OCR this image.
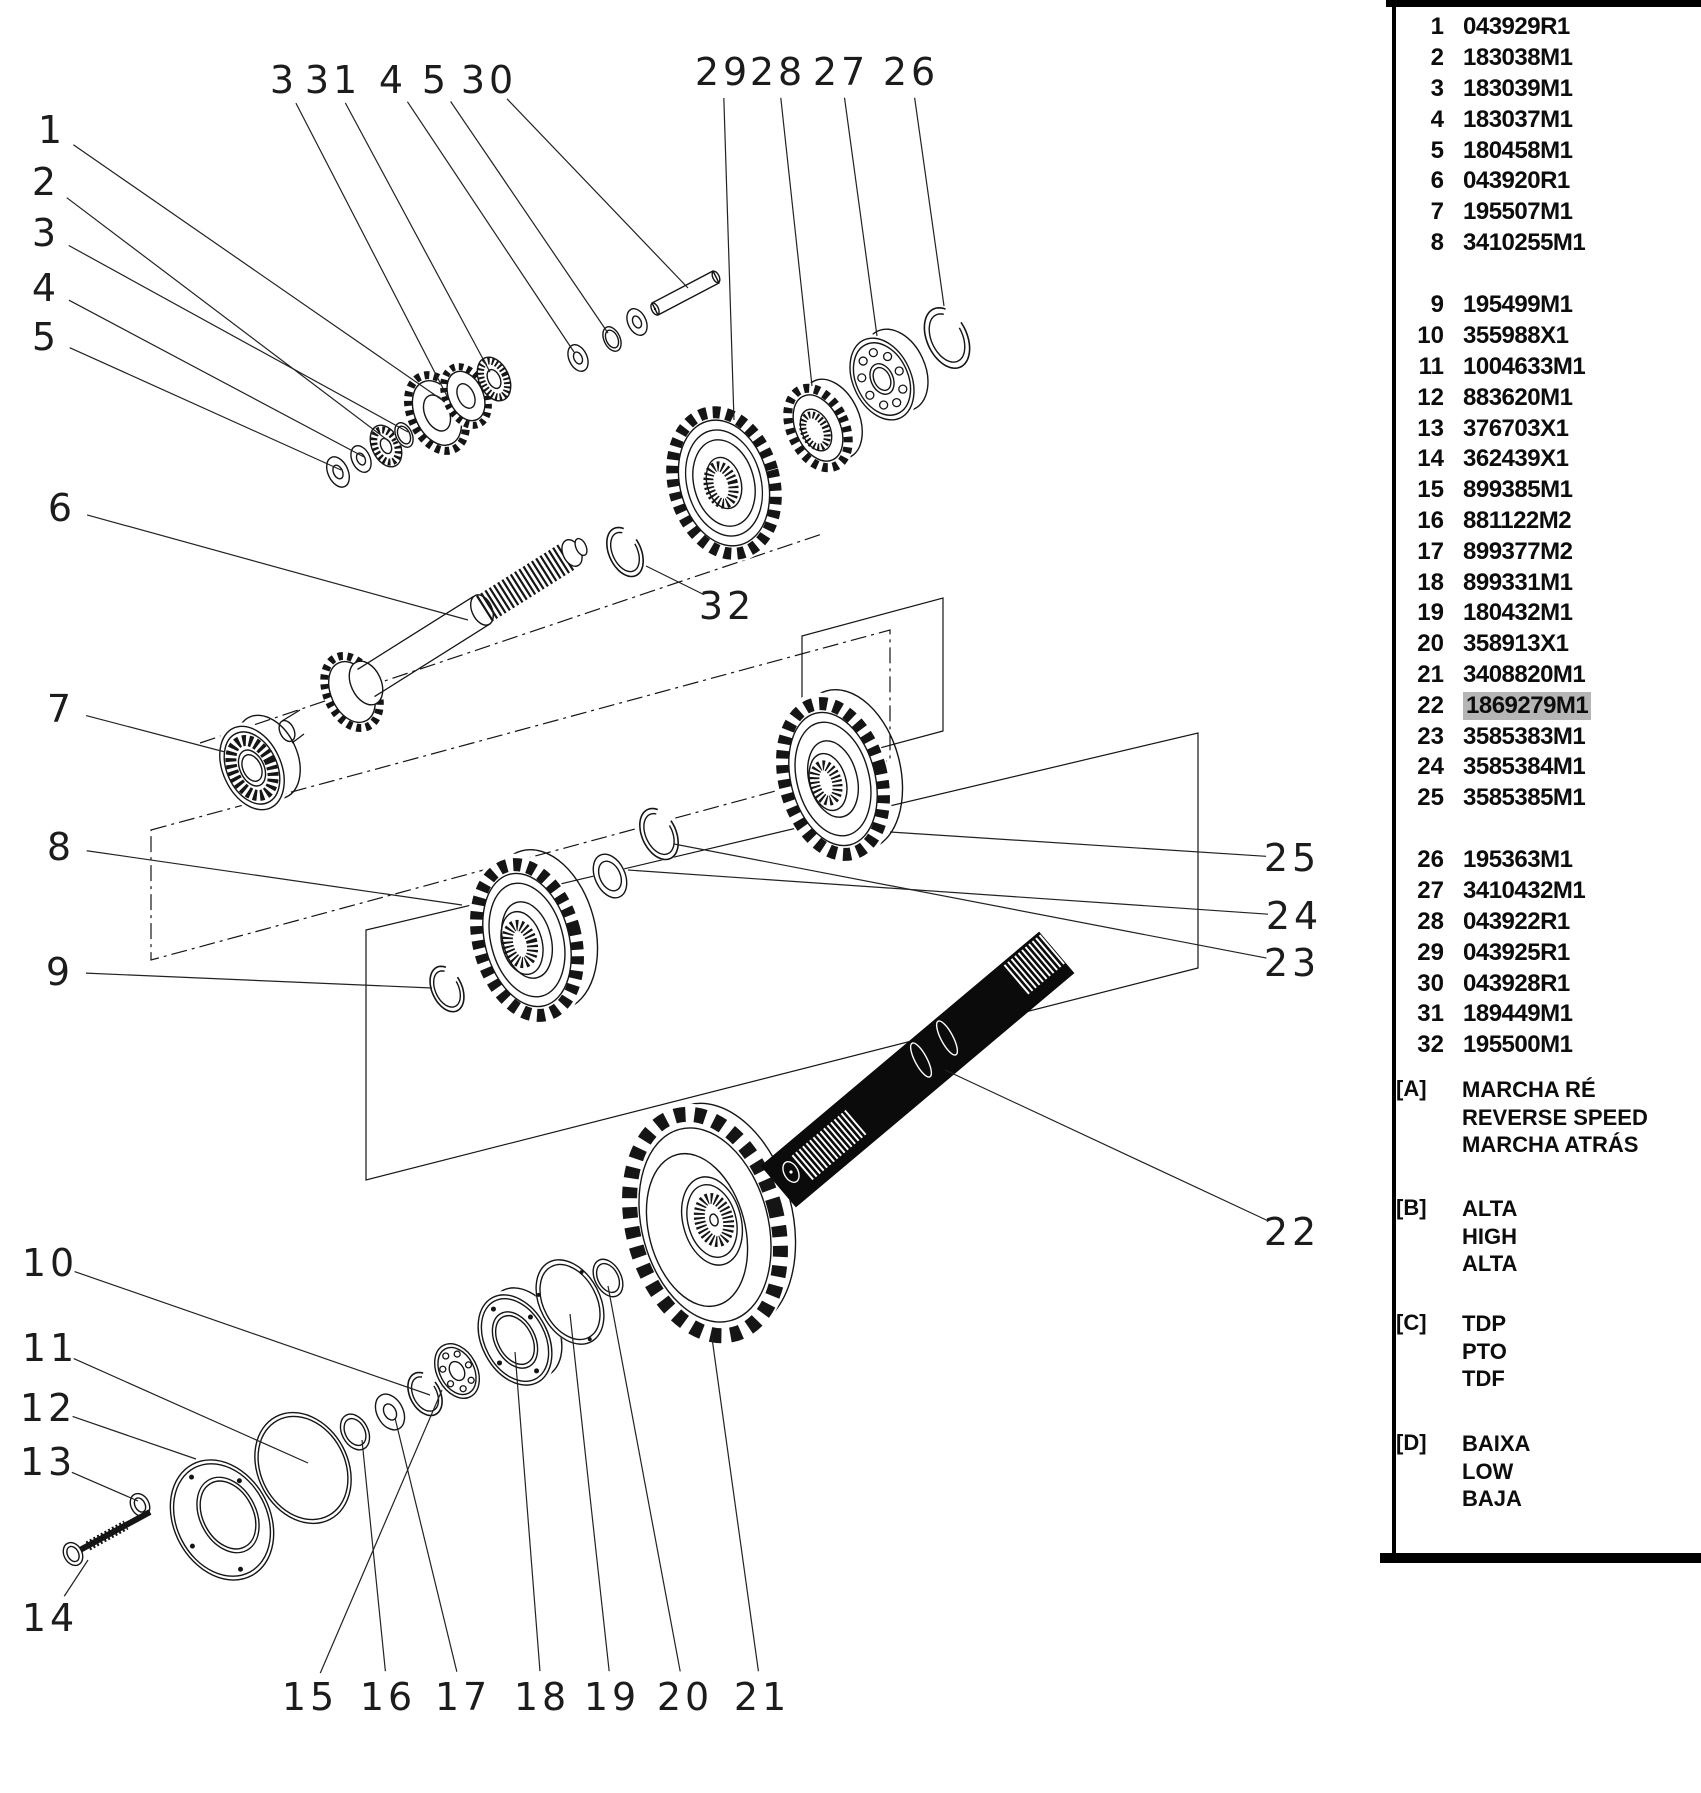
1
2
3
4
5
6
7
8
9
10
11
12
13
14
3 31 4 5 30	29
28 27 26
32
25
24
23
22
15 16 17 18 19 20 21
1 043929R1
2 183038M1
3 183039M1
4 183037M1
5 180458M1
6 043920R1
7 195507M1
8 3410255M1
9 195499M1
10 355988X1
11 1004633M1
12 883620M1
13 376703X1
14 362439X1
15 899385M1
16 881122M2
17 899377M2
18 899331M1
19 180432M1
20 358913X1
21 3408820M1
22 1869279M1
23 3585383M1
24 3585384M1
25 3585385M1
26 195363M1
27 3410432M1
28 043922R1
29 043925R1
30 043928R1
31 189449M1
32 195500M1
[A]	MARCHA RÉ
REVERSE SPEED
MARCHA ATRÁS
[B]	ALTA
HIGH
ALTA
[C]	TDP
PTO
TDF
[D]	BAIXA
LOW
BAJA
